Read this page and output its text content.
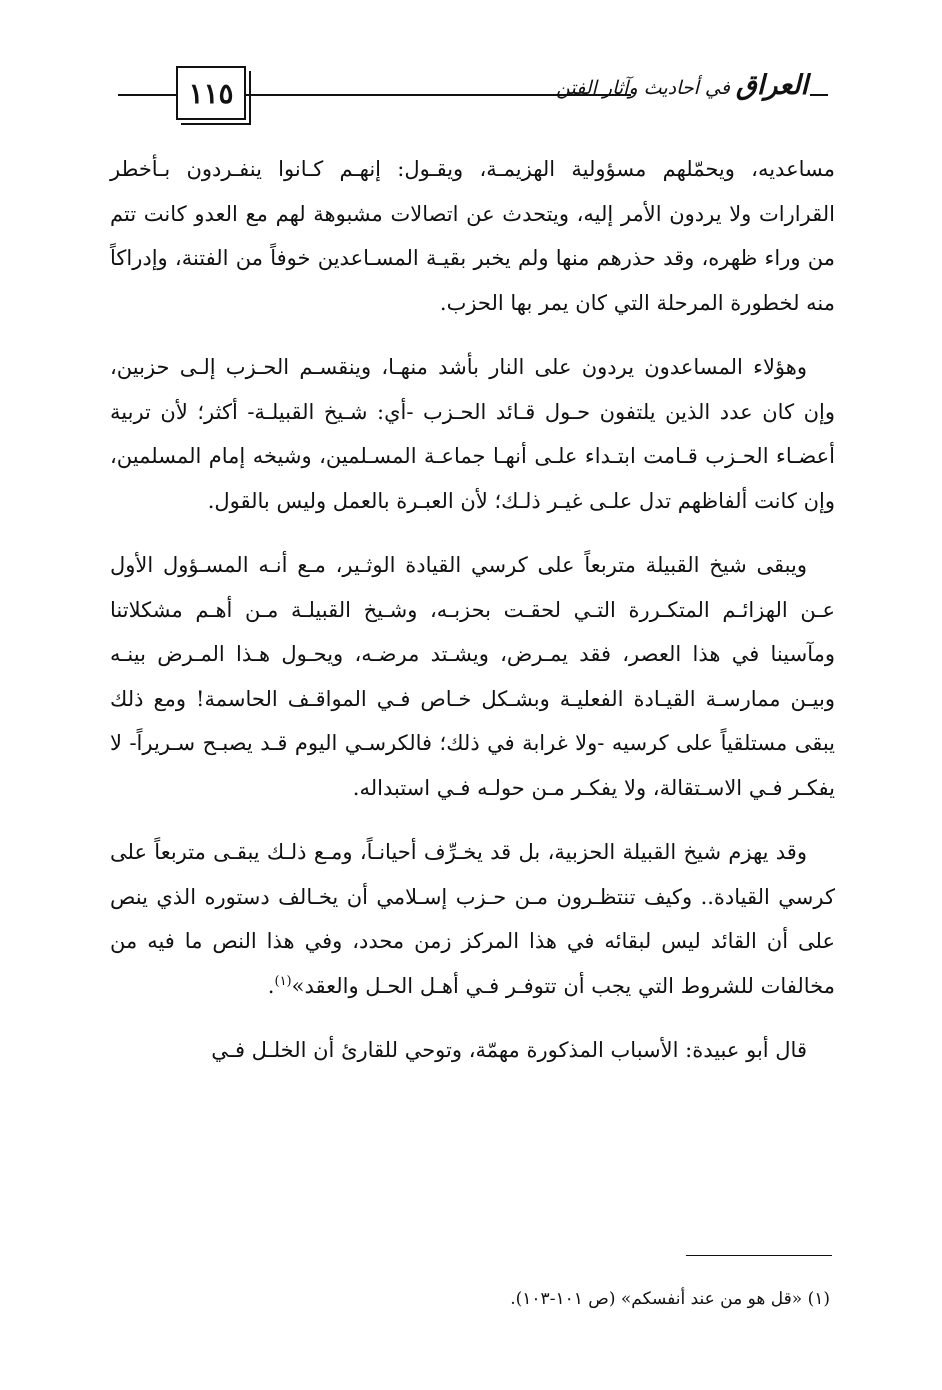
١١٥	العراق في أحاديث وآثار الفتن

مساعديه، ويحمّلهم مسؤولية الهزيمـة، ويقـول: إنهـم كـانوا ينفـردون بـأخطر القرارات ولا يردون الأمر إليه، ويتحدث عن اتصالات مشبوهة لهم مع العدو كانت تتم من وراء ظهره، وقد حذرهم منها ولم يخبر بقيـة المسـاعدين خوفاً من الفتنة، وإدراكاً منه لخطورة المرحلة التي كان يمر بها الحزب.

وهؤلاء المساعدون يردون على النار بأشد منهـا، وينقسـم الحـزب إلـى حزبين، وإن كان عدد الذين يلتفون حـول قـائد الحـزب -أي: شـيخ القبيلـة- أكثر؛ لأن تربية أعضـاء الحـزب قـامت ابتـداء علـى أنهـا جماعـة المسـلمين، وشيخه إمام المسلمين، وإن كانت ألفاظهم تدل علـى غيـر ذلـك؛ لأن العبـرة بالعمل وليس بالقول.

ويبقى شيخ القبيلة متربعاً على كرسي القيادة الوثـير، مـع أنـه المسـؤول الأول عـن الهزائـم المتكـررة التـي لحقـت بحزبـه، وشـيخ القبيلـة مـن أهـم مشكلاتنا ومآسينا في هذا العصر، فقد يمـرض، ويشـتد مرضـه، ويحـول هـذا المـرض بينـه وبيـن ممارسـة القيـادة الفعليـة وبشـكل خـاص فـي المواقـف الحاسمة! ومع ذلك يبقى مستلقياً على كرسيه -ولا غرابة في ذلك؛ فالكرسـي اليوم قـد يصبـح سـريراً- لا يفكـر فـي الاسـتقالة، ولا يفكـر مـن حولـه فـي استبداله.

وقد يهزم شيخ القبيلة الحزبية، بل قد يخـرِّف أحيانـاً، ومـع ذلـك يبقـى متربعاً على كرسي القيادة.. وكيف تنتظـرون مـن حـزب إسـلامي أن يخـالف دستوره الذي ينص على أن القائد ليس لبقائه في هذا المركز زمن محدد، وفي هذا النص ما فيه من مخالفات للشروط التي يجب أن تتوفـر فـي أهـل الحـل والعقد»$^{(١)}$.

قال أبو عبيدة: الأسباب المذكورة مهمّة، وتوحي للقارئ أن الخلـل فـي

(١) «قل هو من عند أنفسكم» (ص ١٠١-١٠٣).
